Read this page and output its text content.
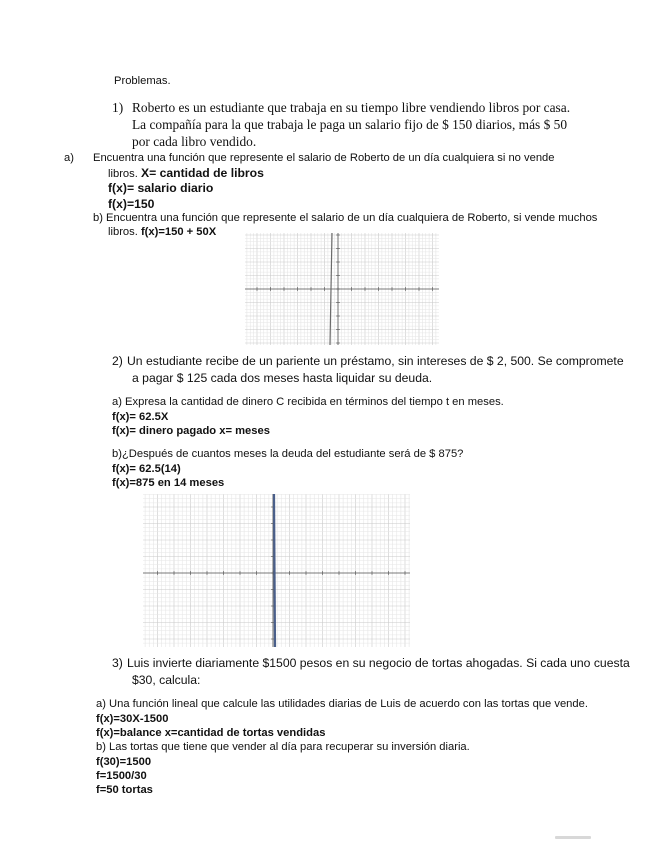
Problemas.
1) Roberto es un estudiante que trabaja en su tiempo libre vendiendo libros por casa.
La compañía para la que trabaja le paga un salario fijo de $ 150 diarios, más $ 50
por cada libro vendido.
a) Encuentra una función que represente el salario de Roberto de un día cualquiera si no vende
libros. X= cantidad de libros
f(x)= salario diario
f(x)=150
b) Encuentra una función que represente el salario de un día cualquiera de Roberto, si vende muchos
libros. f(x)=150 + 50X
2) Un estudiante recibe de un pariente un préstamo, sin intereses de $ 2, 500. Se compromete
a pagar $ 125 cada dos meses hasta liquidar su deuda.
a) Expresa la cantidad de dinero C recibida en términos del tiempo t en meses.
f(x)= 62.5X
f(x)= dinero pagado x= meses
b)¿Después de cuantos meses la deuda del estudiante será de $ 875?
f(x)= 62.5(14)
f(x)=875 en 14 meses
3) Luis invierte diariamente $1500 pesos en su negocio de tortas ahogadas. Si cada uno cuesta
$30, calcula:
a) Una función lineal que calcule las utilidades diarias de Luis de acuerdo con las tortas que vende.
f(x)=30X-1500
f(x)=balance x=cantidad de tortas vendidas
b) Las tortas que tiene que vender al día para recuperar su inversión diaria.
f(30)=1500
f=1500/30
f=50 tortas
